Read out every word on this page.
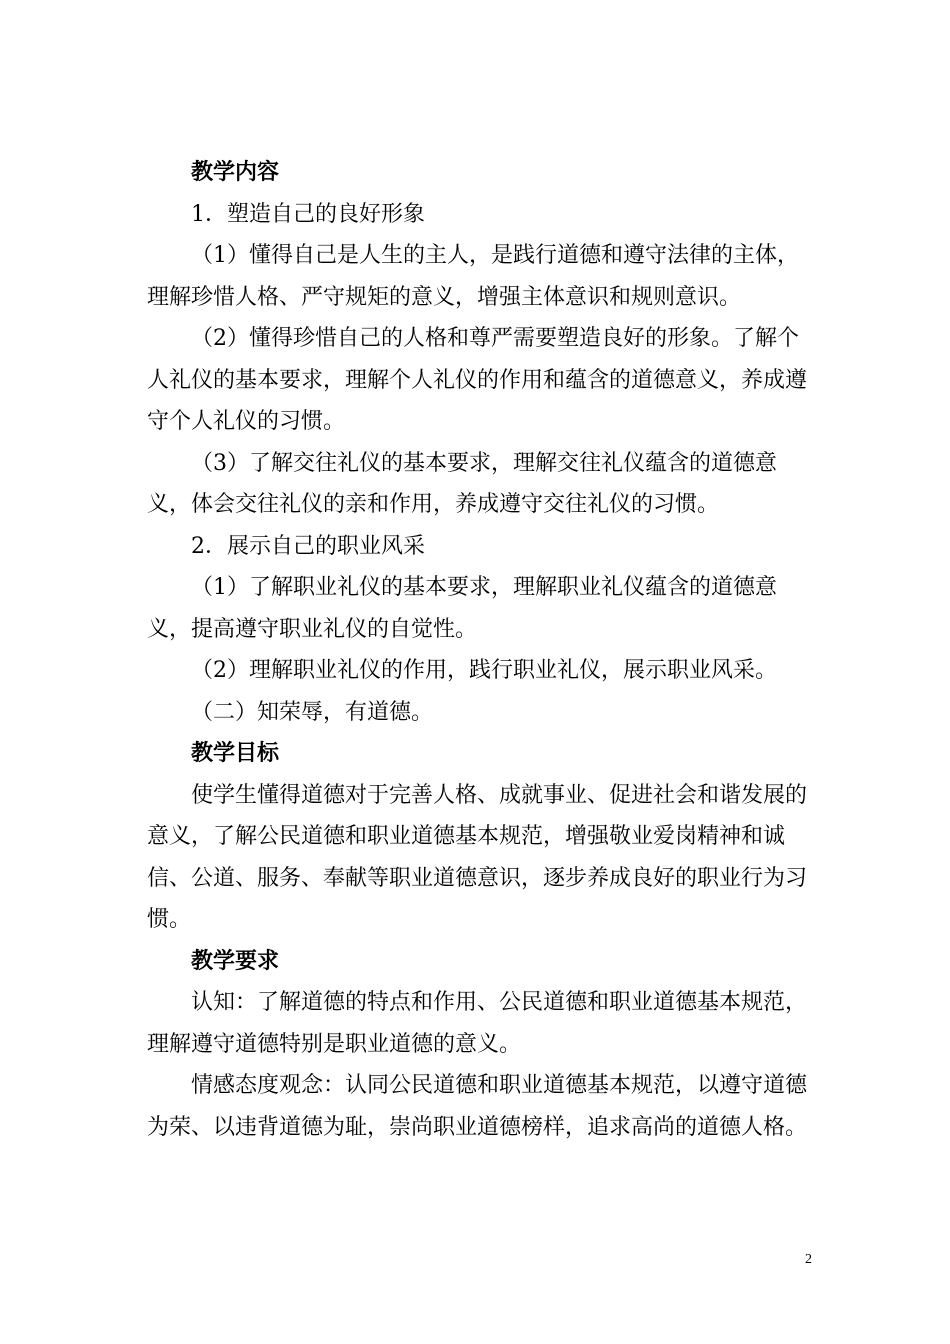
教学内容

1．塑造自己的良好形象

（1）懂得自己是人生的主人，是践行道德和遵守法律的主体，理解珍惜人格、严守规矩的意义，增强主体意识和规则意识。

（2）懂得珍惜自己的人格和尊严需要塑造良好的形象。了解个人礼仪的基本要求，理解个人礼仪的作用和蕴含的道德意义，养成遵守个人礼仪的习惯。

（3）了解交往礼仪的基本要求，理解交往礼仪蕴含的道德意义，体会交往礼仪的亲和作用，养成遵守交往礼仪的习惯。

2．展示自己的职业风采

（1）了解职业礼仪的基本要求，理解职业礼仪蕴含的道德意义，提高遵守职业礼仪的自觉性。

（2）理解职业礼仪的作用，践行职业礼仪，展示职业风采。

（二）知荣辱，有道德。

教学目标

使学生懂得道德对于完善人格、成就事业、促进社会和谐发展的意义，了解公民道德和职业道德基本规范，增强敬业爱岗精神和诚信、公道、服务、奉献等职业道德意识，逐步养成良好的职业行为习惯。

教学要求

认知：了解道德的特点和作用、公民道德和职业道德基本规范，理解遵守道德特别是职业道德的意义。

情感态度观念：认同公民道德和职业道德基本规范，以遵守道德为荣、以违背道德为耻，崇尚职业道德榜样，追求高尚的道德人格。

2
